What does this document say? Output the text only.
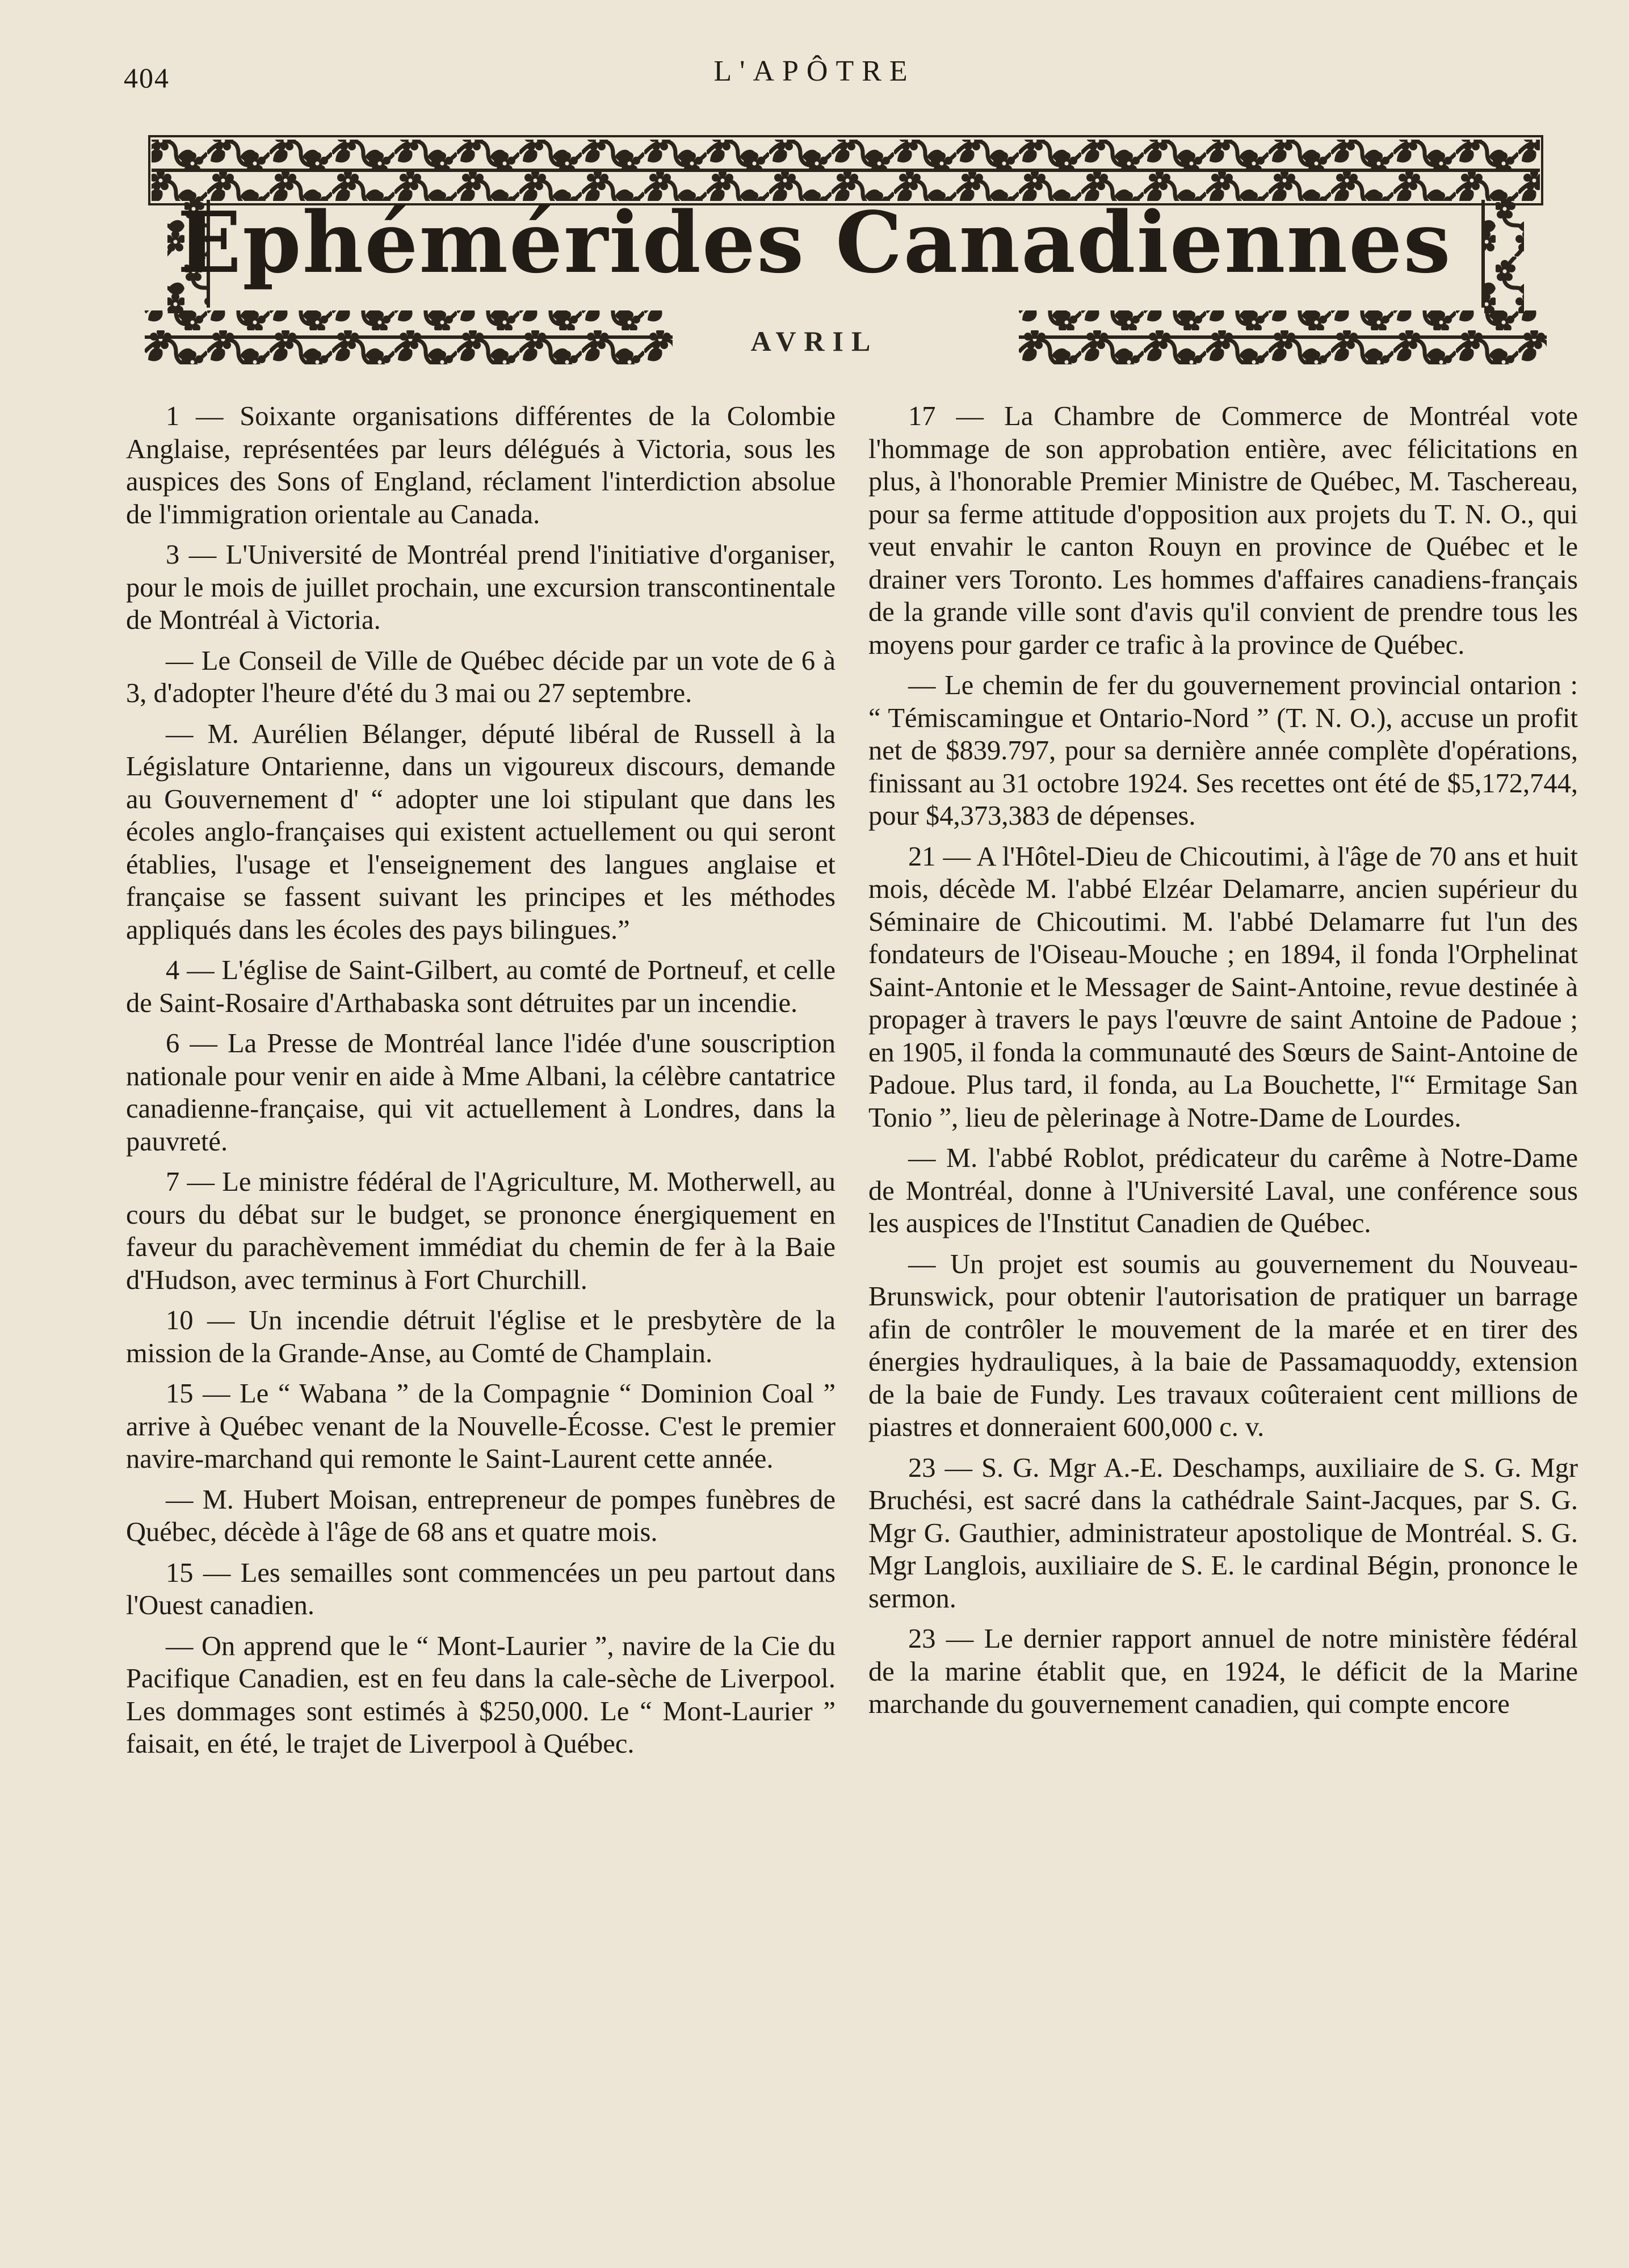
404	L'APÔTRE
Ephémérides Canadiennes
AVRIL

1 — Soixante organisations différentes de la Colombie Anglaise, représentées par leurs délégués à Victoria, sous les auspices des Sons of England, réclament l'interdiction absolue de l'immigration orientale au Canada.

3 — L'Université de Montréal prend l'initiative d'organiser, pour le mois de juillet prochain, une excursion transcontinentale de Montréal à Victoria.

— Le Conseil de Ville de Québec décide par un vote de 6 à 3, d'adopter l'heure d'été du 3 mai ou 27 septembre.

— M. Aurélien Bélanger, député libéral de Russell à la Législature Ontarienne, dans un vigoureux discours, demande au Gouvernement d' “ adopter une loi stipulant que dans les écoles anglo-françaises qui existent actuellement ou qui seront établies, l'usage et l'enseignement des langues anglaise et française se fassent suivant les principes et les méthodes appliqués dans les écoles des pays bilingues.”

4 — L'église de Saint-Gilbert, au comté de Portneuf, et celle de Saint-Rosaire d'Arthabaska sont détruites par un incendie.

6 — La Presse de Montréal lance l'idée d'une souscription nationale pour venir en aide à Mme Albani, la célèbre cantatrice canadienne-française, qui vit actuellement à Londres, dans la pauvreté.

7 — Le ministre fédéral de l'Agriculture, M. Motherwell, au cours du débat sur le budget, se prononce énergiquement en faveur du parachèvement immédiat du chemin de fer à la Baie d'Hudson, avec terminus à Fort Churchill.

10 — Un incendie détruit l'église et le presbytère de la mission de la Grande-Anse, au Comté de Champlain.

15 — Le “ Wabana ” de la Compagnie “ Dominion Coal ” arrive à Québec venant de la Nouvelle-Écosse. C'est le premier navire-marchand qui remonte le Saint-Laurent cette année.

— M. Hubert Moisan, entrepreneur de pompes funèbres de Québec, décède à l'âge de 68 ans et quatre mois.

15 — Les semailles sont commencées un peu partout dans l'Ouest canadien.

— On apprend que le “ Mont-Laurier ”, navire de la Cie du Pacifique Canadien, est en feu dans la cale-sèche de Liverpool. Les dommages sont estimés à $250,000. Le “ Mont-Laurier ” faisait, en été, le trajet de Liverpool à Québec.

17 — La Chambre de Commerce de Montréal vote l'hommage de son approbation entière, avec félicitations en plus, à l'honorable Premier Ministre de Québec, M. Taschereau, pour sa ferme attitude d'opposition aux projets du T. N. O., qui veut envahir le canton Rouyn en province de Québec et le drainer vers Toronto. Les hommes d'affaires canadiens-français de la grande ville sont d'avis qu'il convient de prendre tous les moyens pour garder ce trafic à la province de Québec.

— Le chemin de fer du gouvernement provincial ontarion : “ Témiscamingue et Ontario-Nord ” (T. N. O.), accuse un profit net de $839.797, pour sa dernière année complète d'opérations, finissant au 31 octobre 1924. Ses recettes ont été de $5,172,744, pour $4,373,383 de dépenses.

21 — A l'Hôtel-Dieu de Chicoutimi, à l'âge de 70 ans et huit mois, décède M. l'abbé Elzéar Delamarre, ancien supérieur du Séminaire de Chicoutimi. M. l'abbé Delamarre fut l'un des fondateurs de l'Oiseau-Mouche ; en 1894, il fonda l'Orphelinat Saint-Antonie et le Messager de Saint-Antoine, revue destinée à propager à travers le pays l'œuvre de saint Antoine de Padoue ; en 1905, il fonda la communauté des Sœurs de Saint-Antoine de Padoue. Plus tard, il fonda, au La Bouchette, l'“ Ermitage San Tonio ”, lieu de pèlerinage à Notre-Dame de Lourdes.

— M. l'abbé Roblot, prédicateur du carême à Notre-Dame de Montréal, donne à l'Université Laval, une conférence sous les auspices de l'Institut Canadien de Québec.

— Un projet est soumis au gouvernement du Nouveau-Brunswick, pour obtenir l'autorisation de pratiquer un barrage afin de contrôler le mouvement de la marée et en tirer des énergies hydrauliques, à la baie de Passamaquoddy, extension de la baie de Fundy. Les travaux coûteraient cent millions de piastres et donneraient 600,000 c. v.

23 — S. G. Mgr A.-E. Deschamps, auxiliaire de S. G. Mgr Bruchési, est sacré dans la cathédrale Saint-Jacques, par S. G. Mgr G. Gauthier, administrateur apostolique de Montréal. S. G. Mgr Langlois, auxiliaire de S. E. le cardinal Bégin, prononce le sermon.

23 — Le dernier rapport annuel de notre ministère fédéral de la marine établit que, en 1924, le déficit de la Marine marchande du gouvernement canadien, qui compte encore
